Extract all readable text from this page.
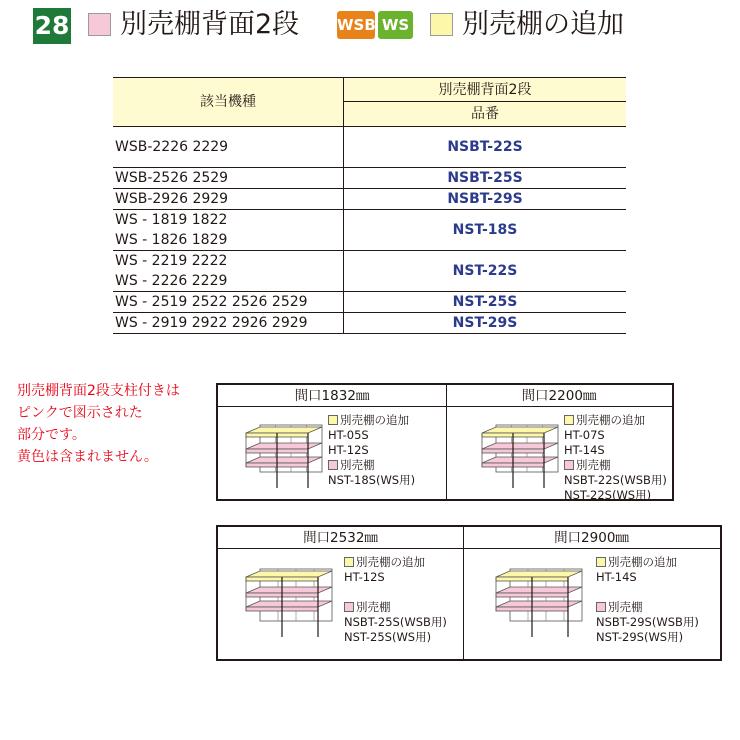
28 別売棚背面2段	WSB WS 別売棚の追加
該当機種	別売棚背面2段
	品番
WSB-2226 2229	NSBT-22S
WSB-2526 2529	NSBT-25S
WSB-2926 2929	NSBT-29S
WS - 1819 1822	NST-18S
WS - 1826 1829	
WS - 2219 2222	NST-22S
WS - 2226 2229	
WS - 2519 2522 2526 2529	NST-25S
WS - 2919 2922 2926 2929	NST-29S
別売棚背面2段支柱付きは
ピンクで図示された
部分です。
黄色は含まれません。
間口1832㎜	間口2200㎜
別売棚の追加
HT-05S
HT-12S
別売棚
NST-18S(WS用)
別売棚の追加
HT-07S
HT-14S
別売棚
NSBT-22S(WSB用)
NST-22S(WS用)
間口2532㎜	間口2900㎜
別売棚の追加
HT-12S
別売棚
NSBT-25S(WSB用)
NST-25S(WS用)
別売棚の追加
HT-14S
別売棚
NSBT-29S(WSB用)
NST-29S(WS用)
